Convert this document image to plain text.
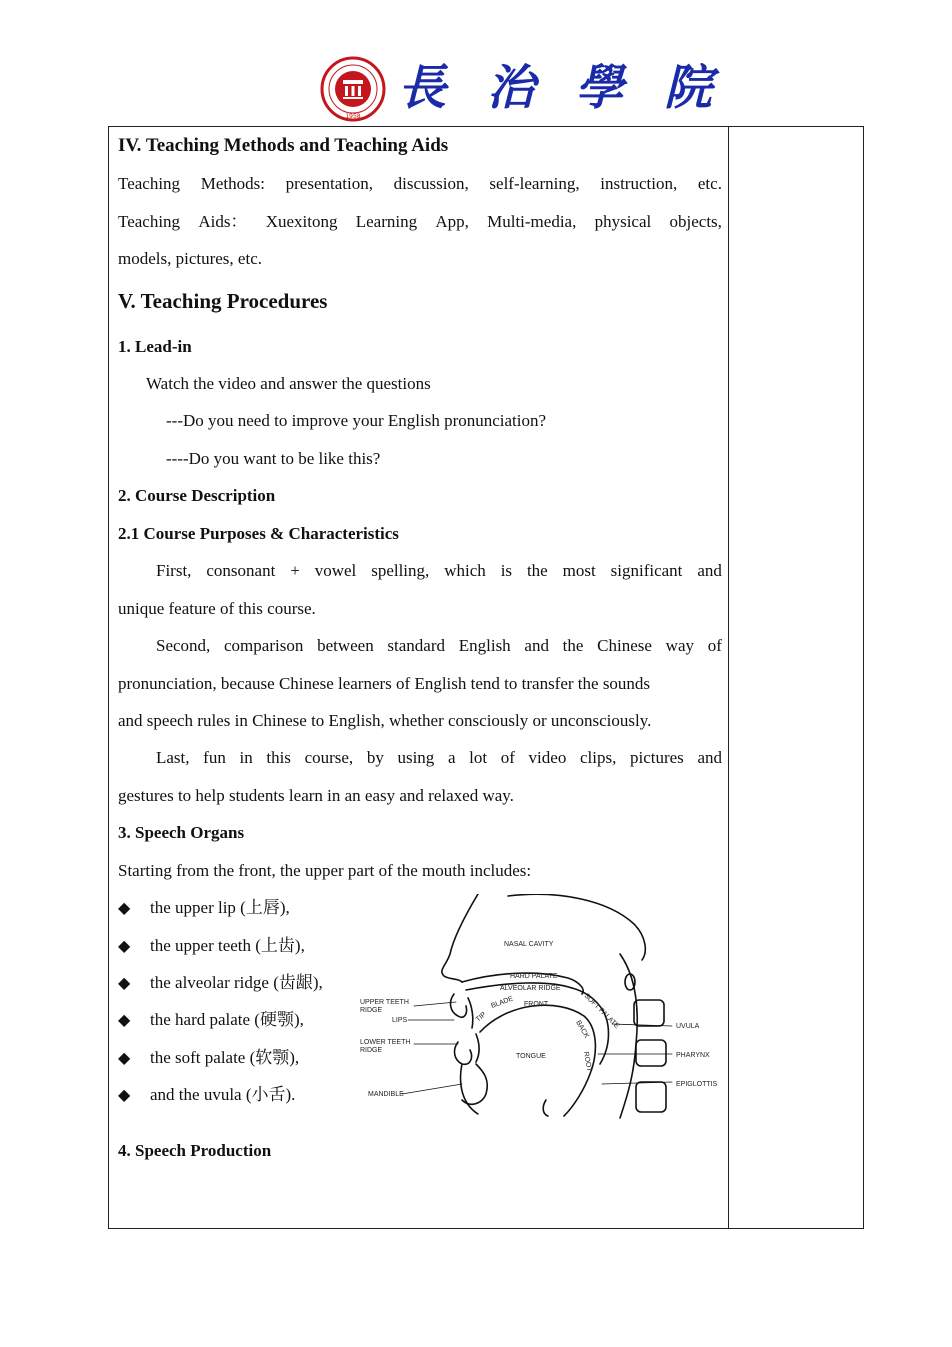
1958
長 治 學 院
IV. Teaching Methods and Teaching Aids
Teaching Methods: presentation, discussion, self-learning, instruction, etc.
Teaching Aids： Xuexitong Learning App, Multi-media, physical objects,
models, pictures, etc.
V. Teaching Procedures
1. Lead-in
Watch the video and answer the questions
---Do you need to improve your English pronunciation?
----Do you want to be like this?
2. Course Description
2.1 Course Purposes & Characteristics
First, consonant + vowel spelling, which is the most significant and
unique feature of this course.
Second, comparison between standard English and the Chinese way of
pronunciation, because Chinese learners of English tend to transfer the sounds
and speech rules in Chinese to English, whether consciously or unconsciously.
Last, fun in this course, by using a lot of video clips, pictures and
gestures to help students learn in an easy and relaxed way.
3. Speech Organs
Starting from the front, the upper part of the mouth includes:
◆ the upper lip (上唇),
◆ the upper teeth (上齿),
◆ the alveolar ridge (齿龈),
◆ the hard palate (硬颚),
◆ the soft palate (软颚),
◆ and the uvula (小舌).
4. Speech Production
NASAL CAVITY
HARD PALATE
ALVEOLAR RIDGE
SOFT PALATE
UPPER TEETH
RIDGE
LIPS	TIP
BLADE FRONT
BACK
LOWER TEETH
RIDGE
TONGUE	ROOT
MANDIBLE
UVULA
PHARYNX
EPIGLOTTIS
